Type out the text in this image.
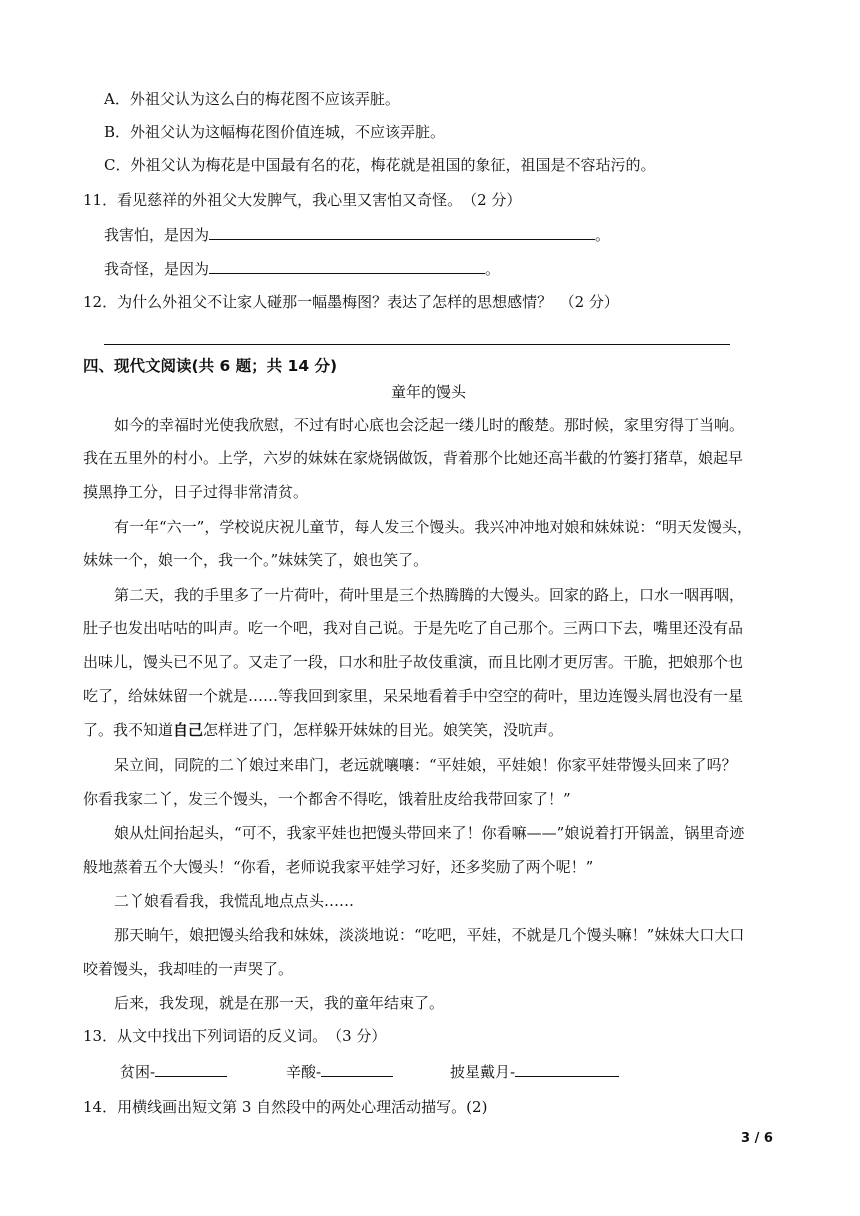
A．外祖父认为这么白的梅花图不应该弄脏。
B．外祖父认为这幅梅花图价值连城，不应该弄脏。
C．外祖父认为梅花是中国最有名的花，梅花就是祖国的象征，祖国是不容玷污的。
11．看见慈祥的外祖父大发脾气，我心里又害怕又奇怪。　（2 分）
我害怕，是因为	。
我奇怪，是因为	。
12．为什么外祖父不让家人碰那一幅墨梅图？表达了怎样的思想感情？　（2 分）
四、现代文阅读(共 6 题；共 14 分)
童年的馒头
如今的幸福时光使我欣慰，不过有时心底也会泛起一缕儿时的酸楚。那时候，家里穷得丁当响。
我在五里外的村小。上学，六岁的妹妹在家烧锅做饭，背着那个比她还高半截的竹篓打猪草，娘起早
摸黑挣工分，日子过得非常清贫。
有一年“六一”，学校说庆祝儿童节，每人发三个馒头。我兴冲冲地对娘和妹妹说：“明天发馒头，
妹妹一个，娘一个，我一个。”妹妹笑了，娘也笑了。
第二天，我的手里多了一片荷叶，荷叶里是三个热腾腾的大馒头。回家的路上，口水一咽再咽，
肚子也发出咕咕的叫声。吃一个吧，我对自己说。于是先吃了自己那个。三两口下去，嘴里还没有品
出味儿，馒头已不见了。又走了一段，口水和肚子故伎重演，而且比刚才更厉害。干脆，把娘那个也
吃了，给妹妹留一个就是……等我回到家里，呆呆地看着手中空空的荷叶，里边连馒头屑也没有一星
了。我不知道自己怎样进了门，怎样躲开妹妹的目光。娘笑笑，没吭声。
呆立间，同院的二丫娘过来串门，老远就嚷嚷：“平娃娘，平娃娘！你家平娃带馒头回来了吗？
你看我家二丫，发三个馒头，一个都舍不得吃，饿着肚皮给我带回家了！”
娘从灶间抬起头，“可不，我家平娃也把馒头带回来了！你看嘛——”娘说着打开锅盖，锅里奇迹
般地蒸着五个大馒头！“你看，老师说我家平娃学习好，还多奖励了两个呢！”
二丫娘看看我，我慌乱地点点头……
那天晌午，娘把馒头给我和妹妹，淡淡地说：“吃吧，平娃，不就是几个馒头嘛！”妹妹大口大口
咬着馒头，我却哇的一声哭了。
后来，我发现，就是在那一天，我的童年结束了。
13．从文中找出下列词语的反义词。　（3 分）
贫困-	辛酸-	披星戴月-
14．用横线画出短文第 3 自然段中的两处心理活动描写。(2)
3 / 6
